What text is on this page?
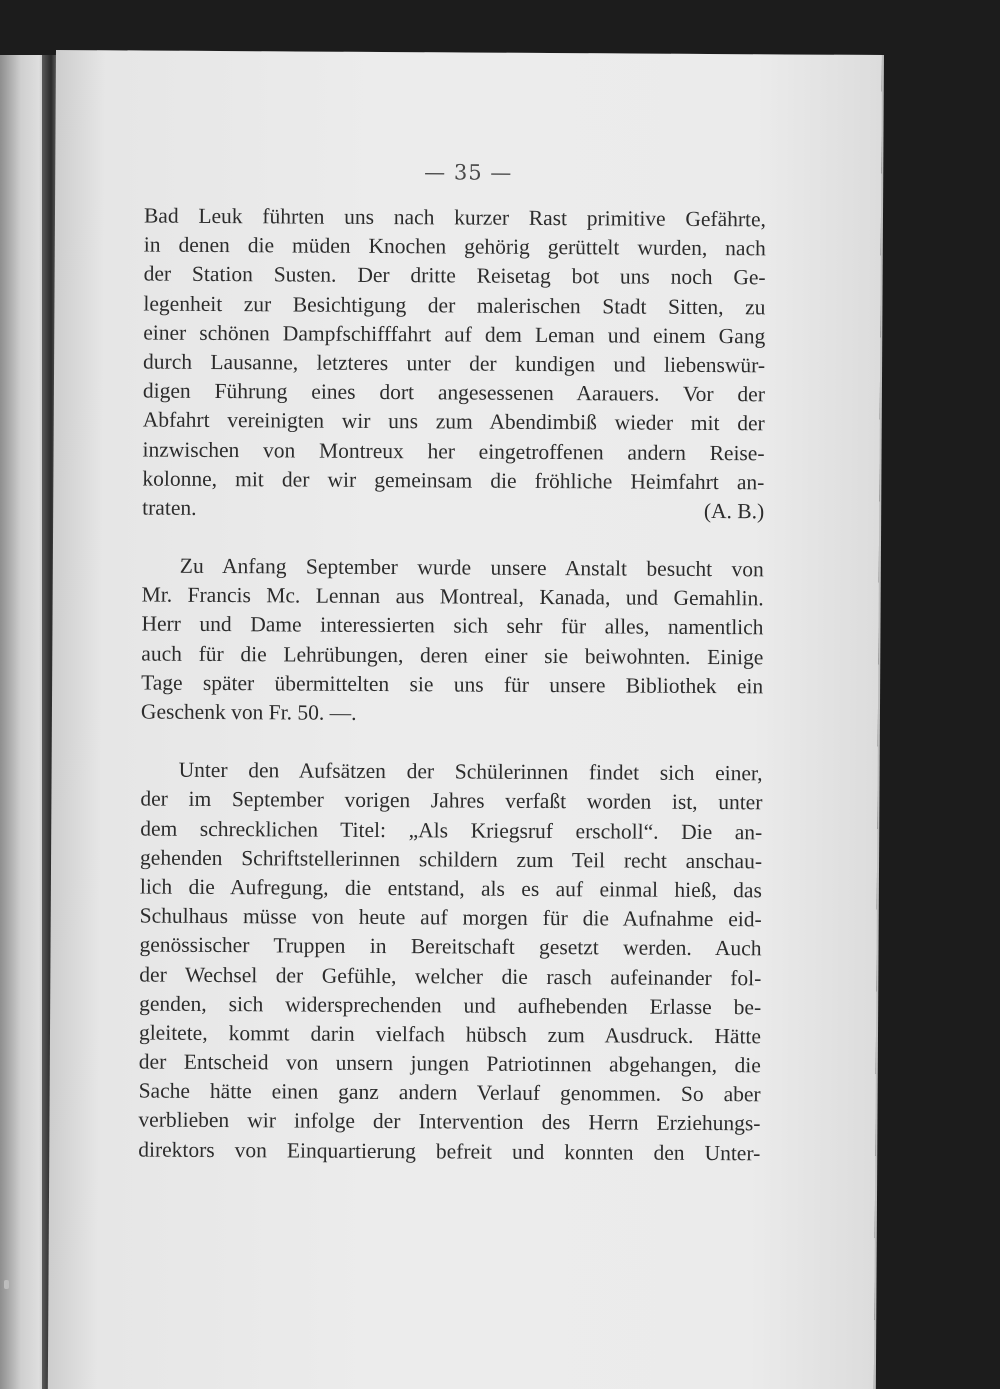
— 35 —
Bad Leuk führten uns nach kurzer Rast primitive Gefährte,
in denen die müden Knochen gehörig gerüttelt wurden, nach
der Station Susten. Der dritte Reisetag bot uns noch Ge-
legenheit zur Besichtigung der malerischen Stadt Sitten, zu
einer schönen Dampfschifffahrt auf dem Leman und einem Gang
durch Lausanne, letzteres unter der kundigen und liebenswür-
digen Führung eines dort angesessenen Aarauers. Vor der
Abfahrt vereinigten wir uns zum Abendimbiß wieder mit der
inzwischen von Montreux her eingetroffenen andern Reise-
kolonne, mit der wir gemeinsam die fröhliche Heimfahrt an-
traten.	(A. B.)
Zu Anfang September wurde unsere Anstalt besucht von
Mr. Francis Mc. Lennan aus Montreal, Kanada, und Gemahlin.
Herr und Dame interessierten sich sehr für alles, namentlich
auch für die Lehrübungen, deren einer sie beiwohnten. Einige
Tage später übermittelten sie uns für unsere Bibliothek ein
Geschenk von Fr. 50. —.
Unter den Aufsätzen der Schülerinnen findet sich einer,
der im September vorigen Jahres verfaßt worden ist, unter
dem schrecklichen Titel: „Als Kriegsruf erscholl“. Die an-
gehenden Schriftstellerinnen schildern zum Teil recht anschau-
lich die Aufregung, die entstand, als es auf einmal hieß, das
Schulhaus müsse von heute auf morgen für die Aufnahme eid-
genössischer Truppen in Bereitschaft gesetzt werden. Auch
der Wechsel der Gefühle, welcher die rasch aufeinander fol-
genden, sich widersprechenden und aufhebenden Erlasse be-
gleitete, kommt darin vielfach hübsch zum Ausdruck. Hätte
der Entscheid von unsern jungen Patriotinnen abgehangen, die
Sache hätte einen ganz andern Verlauf genommen. So aber
verblieben wir infolge der Intervention des Herrn Erziehungs-
direktors von Einquartierung befreit und konnten den Unter-
